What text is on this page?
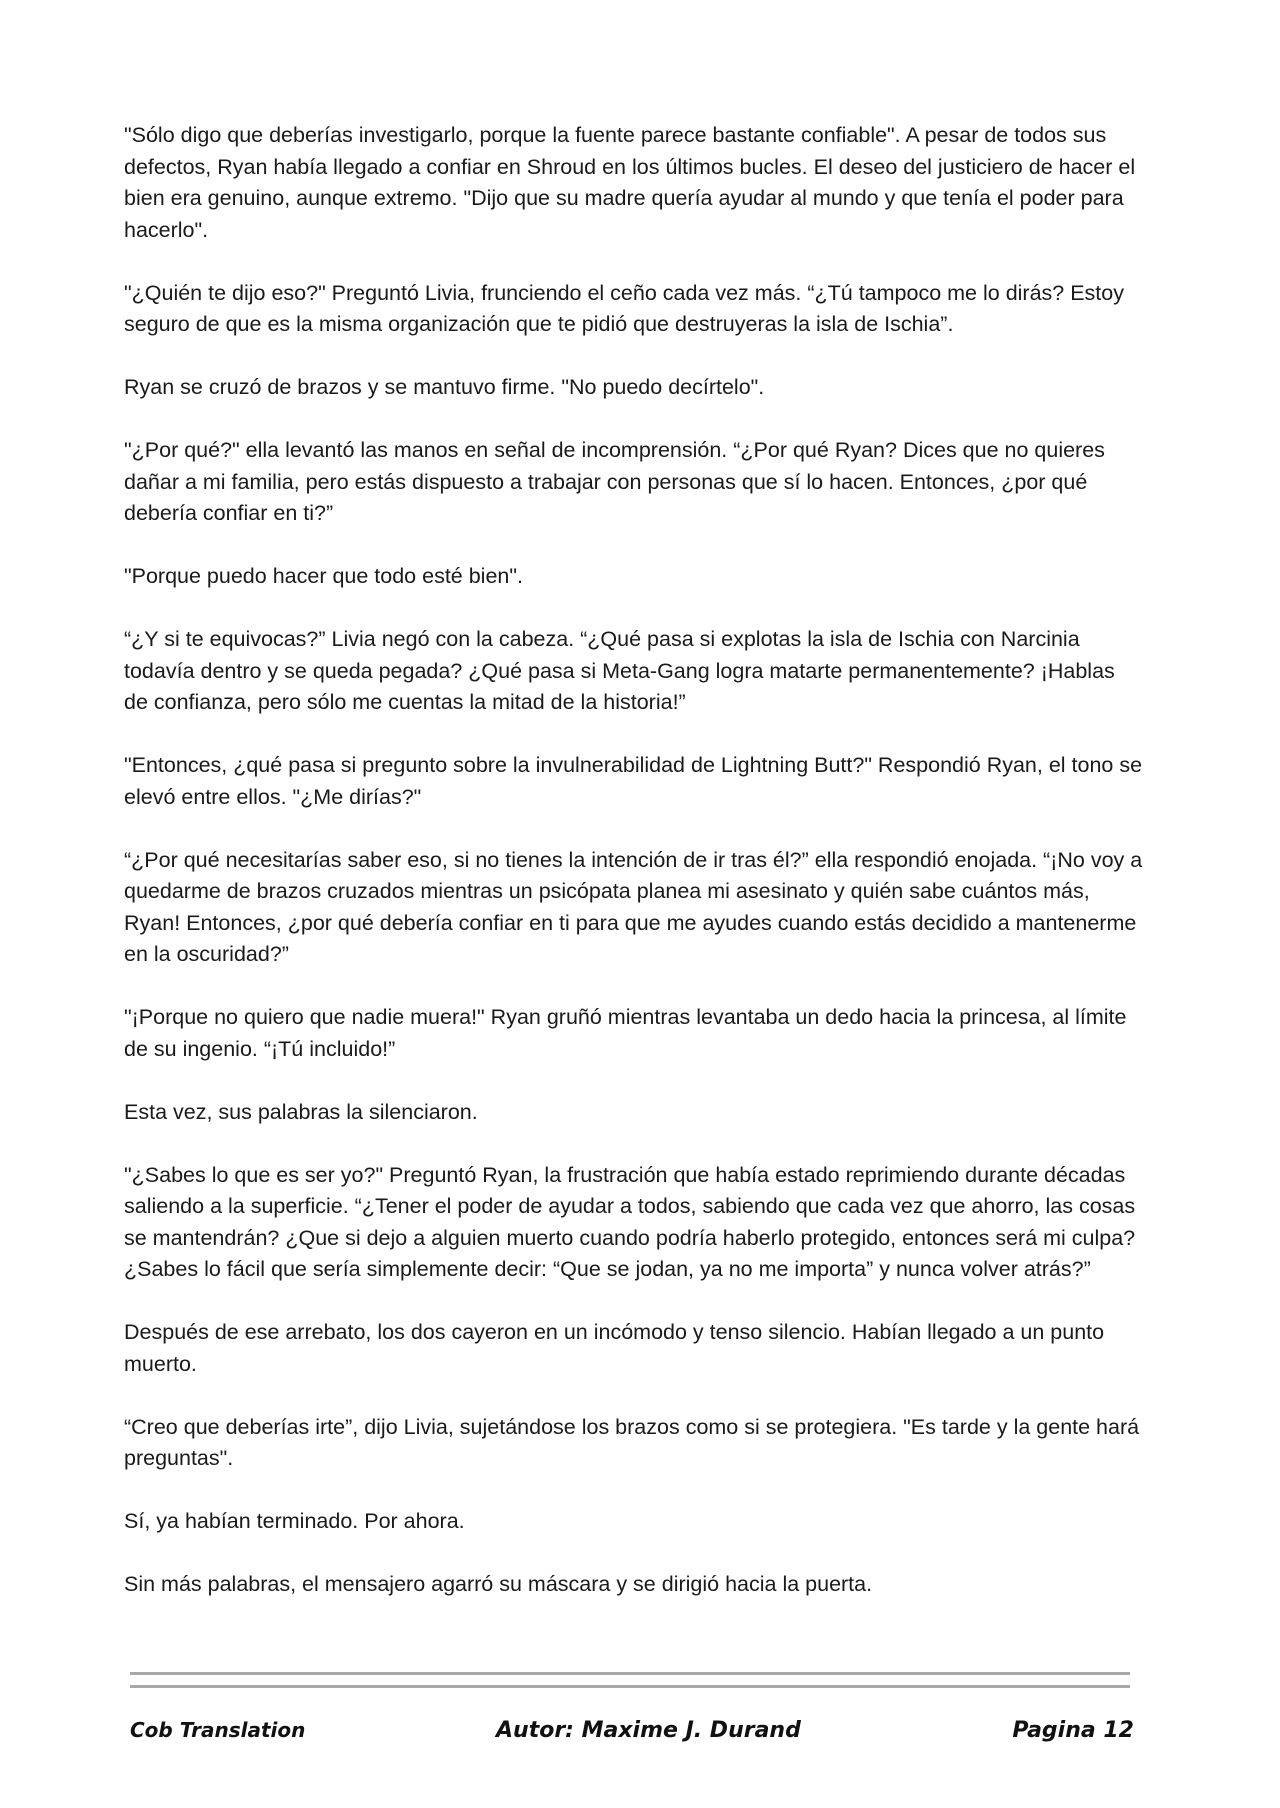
"Sólo digo que deberías investigarlo, porque la fuente parece bastante confiable". A pesar de todos sus defectos, Ryan había llegado a confiar en Shroud en los últimos bucles. El deseo del justiciero de hacer el bien era genuino, aunque extremo. "Dijo que su madre quería ayudar al mundo y que tenía el poder para hacerlo".

"¿Quién te dijo eso?" Preguntó Livia, frunciendo el ceño cada vez más. “¿Tú tampoco me lo dirás? Estoy seguro de que es la misma organización que te pidió que destruyeras la isla de Ischia”.

Ryan se cruzó de brazos y se mantuvo firme. "No puedo decírtelo".

"¿Por qué?" ella levantó las manos en señal de incomprensión. “¿Por qué Ryan? Dices que no quieres dañar a mi familia, pero estás dispuesto a trabajar con personas que sí lo hacen. Entonces, ¿por qué debería confiar en ti?”

"Porque puedo hacer que todo esté bien".

“¿Y si te equivocas?” Livia negó con la cabeza. “¿Qué pasa si explotas la isla de Ischia con Narcinia todavía dentro y se queda pegada? ¿Qué pasa si Meta-Gang logra matarte permanentemente? ¡Hablas de confianza, pero sólo me cuentas la mitad de la historia!”

"Entonces, ¿qué pasa si pregunto sobre la invulnerabilidad de Lightning Butt?" Respondió Ryan, el tono se elevó entre ellos. "¿Me dirías?"

“¿Por qué necesitarías saber eso, si no tienes la intención de ir tras él?” ella respondió enojada. “¡No voy a quedarme de brazos cruzados mientras un psicópata planea mi asesinato y quién sabe cuántos más, Ryan! Entonces, ¿por qué debería confiar en ti para que me ayudes cuando estás decidido a mantenerme en la oscuridad?”

"¡Porque no quiero que nadie muera!" Ryan gruñó mientras levantaba un dedo hacia la princesa, al límite de su ingenio. “¡Tú incluido!”

Esta vez, sus palabras la silenciaron.

"¿Sabes lo que es ser yo?" Preguntó Ryan, la frustración que había estado reprimiendo durante décadas saliendo a la superficie. “¿Tener el poder de ayudar a todos, sabiendo que cada vez que ahorro, las cosas se mantendrán? ¿Que si dejo a alguien muerto cuando podría haberlo protegido, entonces será mi culpa? ¿Sabes lo fácil que sería simplemente decir: “Que se jodan, ya no me importa” y nunca volver atrás?”

Después de ese arrebato, los dos cayeron en un incómodo y tenso silencio. Habían llegado a un punto muerto.

“Creo que deberías irte”, dijo Livia, sujetándose los brazos como si se protegiera. "Es tarde y la gente hará preguntas".

Sí, ya habían terminado. Por ahora.

Sin más palabras, el mensajero agarró su máscara y se dirigió hacia la puerta.

Cob Translation	Autor: Maxime J. Durand	Pagina 12
